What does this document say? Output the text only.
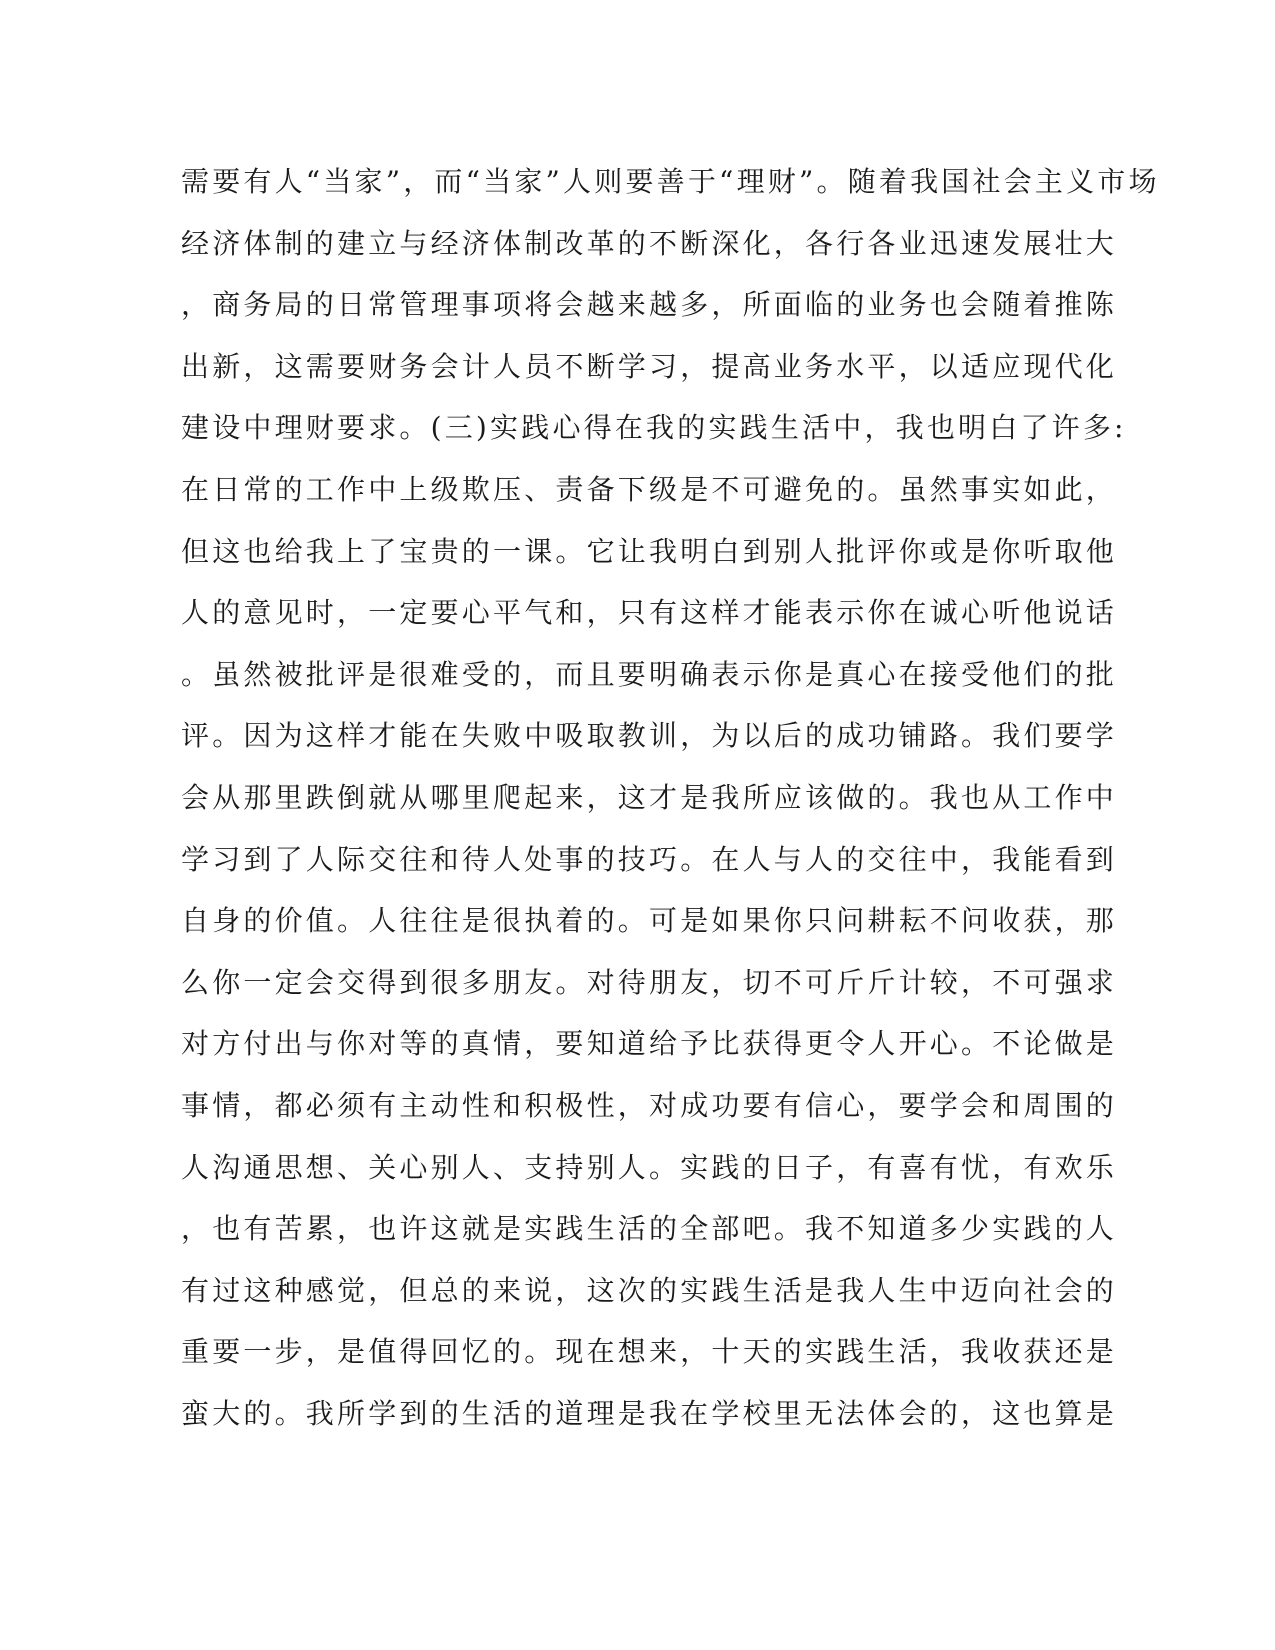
需要有人“当家”，而“当家”人则要善于“理财”。随着我国社会主义市场
经济体制的建立与经济体制改革的不断深化，各行各业迅速发展壮大
，商务局的日常管理事项将会越来越多，所面临的业务也会随着推陈
出新，这需要财务会计人员不断学习，提高业务水平，以适应现代化
建设中理财要求。(三)实践心得在我的实践生活中，我也明白了许多:
在日常的工作中上级欺压、责备下级是不可避免的。虽然事实如此，
但这也给我上了宝贵的一课。它让我明白到别人批评你或是你听取他
人的意见时，一定要心平气和，只有这样才能表示你在诚心听他说话
。虽然被批评是很难受的，而且要明确表示你是真心在接受他们的批
评。因为这样才能在失败中吸取教训，为以后的成功铺路。我们要学
会从那里跌倒就从哪里爬起来，这才是我所应该做的。我也从工作中
学习到了人际交往和待人处事的技巧。在人与人的交往中，我能看到
自身的价值。人往往是很执着的。可是如果你只问耕耘不问收获，那
么你一定会交得到很多朋友。对待朋友，切不可斤斤计较，不可强求
对方付出与你对等的真情，要知道给予比获得更令人开心。不论做是
事情，都必须有主动性和积极性，对成功要有信心，要学会和周围的
人沟通思想、关心别人、支持别人。实践的日子，有喜有忧，有欢乐
，也有苦累，也许这就是实践生活的全部吧。我不知道多少实践的人
有过这种感觉，但总的来说，这次的实践生活是我人生中迈向社会的
重要一步，是值得回忆的。现在想来，十天的实践生活，我收获还是
蛮大的。我所学到的生活的道理是我在学校里无法体会的，这也算是
